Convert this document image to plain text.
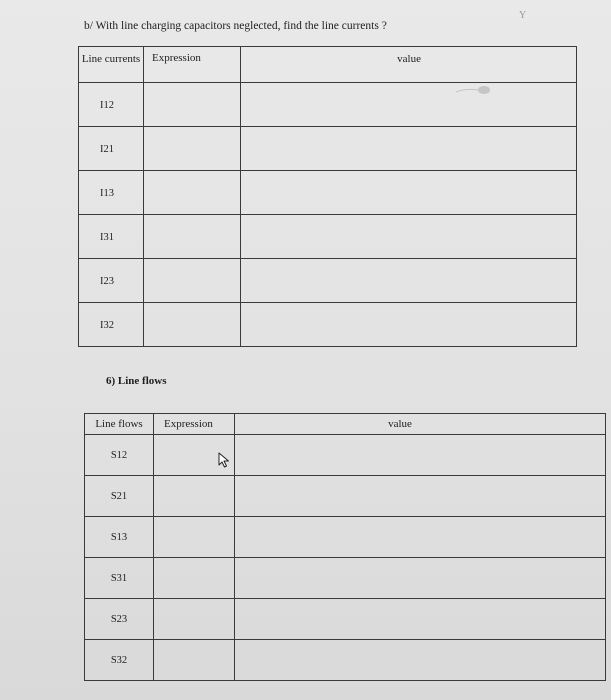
Y
b/ With line charging capacitors neglected, find the line currents ?
Line currents	Expression	value

I12		
I21		
I13		
I31		
I23		
I32		
6) Line flows
Line flows	Expression	value

S12		
S21		
S13		
S31		
S23		
S32		
